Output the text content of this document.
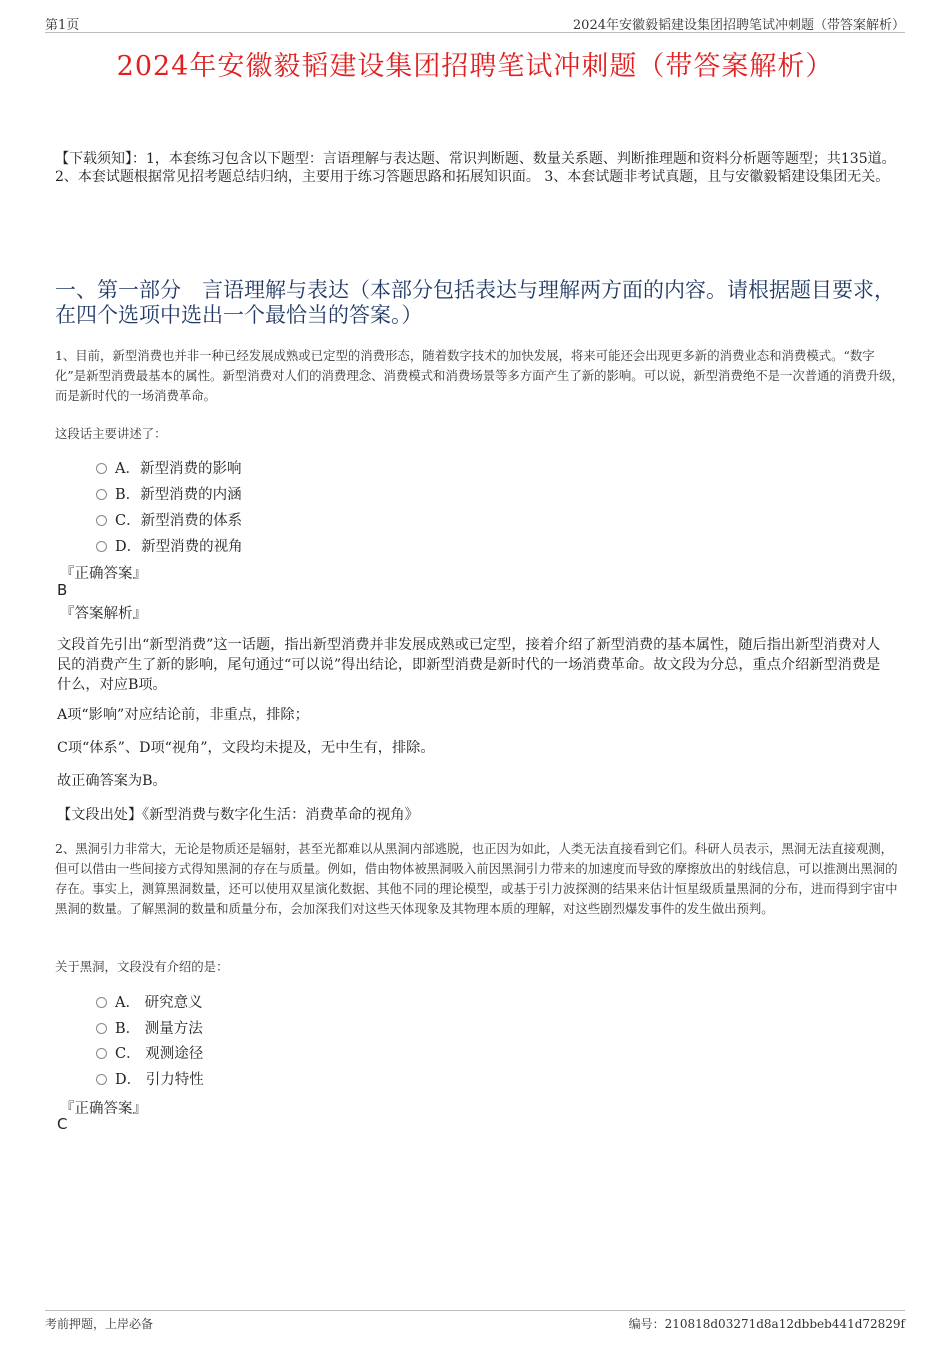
第1页	2024年安徽毅韬建设集团招聘笔试冲刺题（带答案解析）
2024年安徽毅韬建设集团招聘笔试冲刺题（带答案解析）
【下载须知】：1，本套练习包含以下题型：言语理解与表达题、常识判断题、数量关系题、判断推理题和资料分析题等题型；共135道。 2、本套试题根据常见招考题总结归纳，主要用于练习答题思路和拓展知识面。 3、本套试题非考试真题，且与安徽毅韬建设集团无关。
一、第一部分　言语理解与表达（本部分包括表达与理解两方面的内容。请根据题目要求，在四个选项中选出一个最恰当的答案。）
1、目前，新型消费也并非一种已经发展成熟或已定型的消费形态，随着数字技术的加快发展，将来可能还会出现更多新的消费业态和消费模式。“数字化”是新型消费最基本的属性。新型消费对人们的消费理念、消费模式和消费场景等多方面产生了新的影响。可以说，新型消费绝不是一次普通的消费升级，而是新时代的一场消费革命。
这段话主要讲述了：
A．新型消费的影响
B．新型消费的内涵
C．新型消费的体系
D．新型消费的视角
『正确答案』
B
『答案解析』
文段首先引出“新型消费”这一话题，指出新型消费并非发展成熟或已定型，接着介绍了新型消费的基本属性，随后指出新型消费对人民的消费产生了新的影响，尾句通过“可以说”得出结论，即新型消费是新时代的一场消费革命。故文段为分总，重点介绍新型消费是什么，对应B项。
A项“影响”对应结论前，非重点，排除；
C项“体系”、D项“视角”，文段均未提及，无中生有，排除。
故正确答案为B。
【文段出处】《新型消费与数字化生活：消费革命的视角》
2、黑洞引力非常大，无论是物质还是辐射，甚至光都难以从黑洞内部逃脱，也正因为如此，人类无法直接看到它们。科研人员表示，黑洞无法直接观测，但可以借由一些间接方式得知黑洞的存在与质量。例如，借由物体被黑洞吸入前因黑洞引力带来的加速度而导致的摩擦放出的射线信息，可以推测出黑洞的存在。事实上，测算黑洞数量，还可以使用双星演化数据、其他不同的理论模型，或基于引力波探测的结果来估计恒星级质量黑洞的分布，进而得到宇宙中黑洞的数量。了解黑洞的数量和质量分布，会加深我们对这些天体现象及其物理本质的理解，对这些剧烈爆发事件的发生做出预判。
关于黑洞，文段没有介绍的是：
A． 研究意义
B． 测量方法
C． 观测途径
D． 引力特性
『正确答案』
C
考前押题，上岸必备	编号：210818d03271d8a12dbbeb441d72829f
